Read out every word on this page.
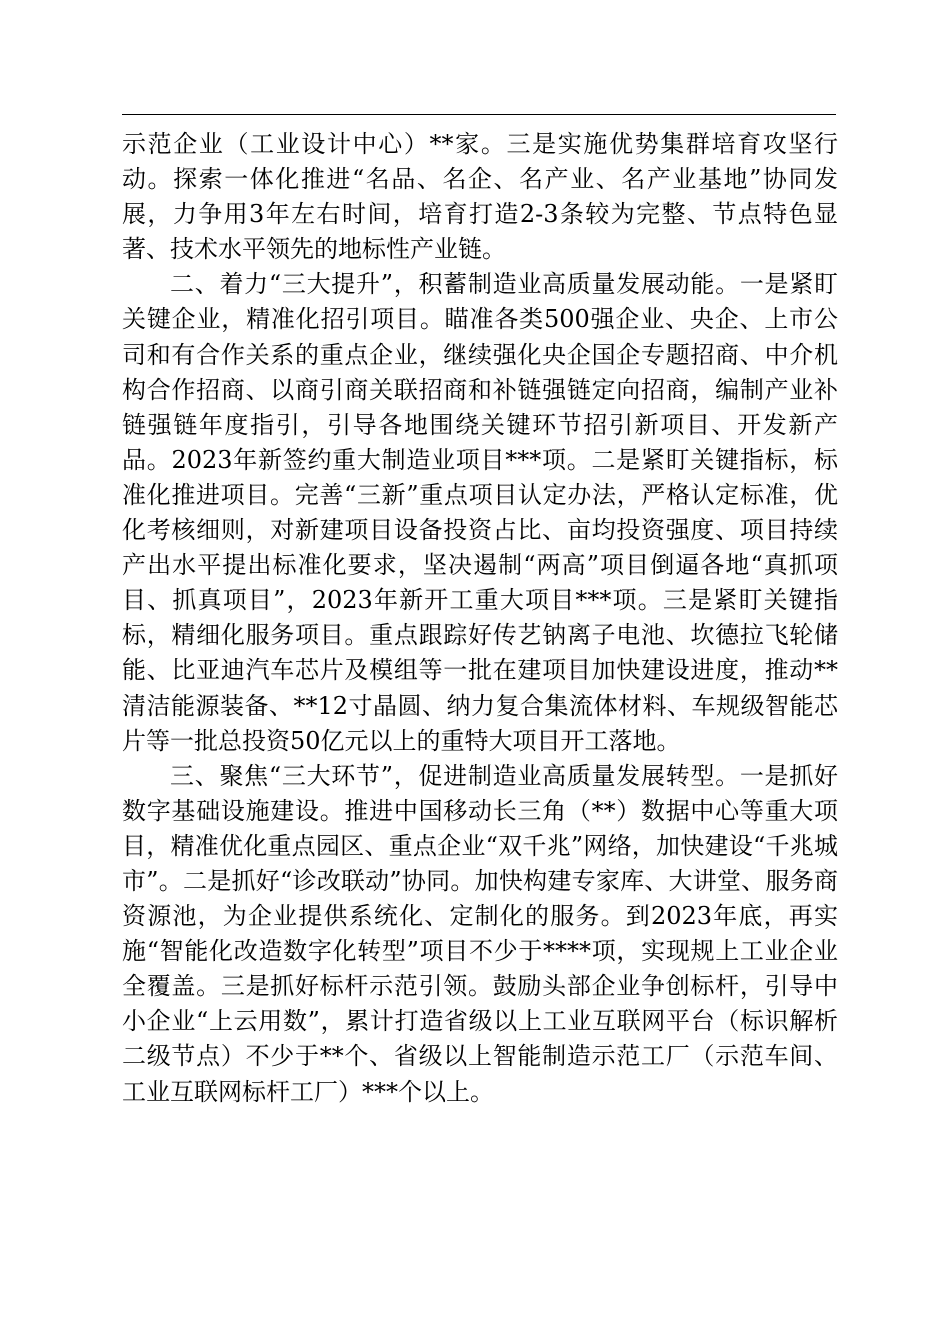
示范企业（工业设计中心）**家。三是实施优势集群培育攻坚行动。探索一体化推进“名品、名企、名产业、名产业基地”协同发展，力争用3年左右时间，培育打造2-3条较为完整、节点特色显著、技术水平领先的地标性产业链。

二、着力“三大提升”，积蓄制造业高质量发展动能。一是紧盯关键企业，精准化招引项目。瞄准各类500强企业、央企、上市公司和有合作关系的重点企业，继续强化央企国企专题招商、中介机构合作招商、以商引商关联招商和补链强链定向招商，编制产业补链强链年度指引，引导各地围绕关键环节招引新项目、开发新产品。2023年新签约重大制造业项目***项。二是紧盯关键指标，标准化推进项目。完善“三新”重点项目认定办法，严格认定标准，优化考核细则，对新建项目设备投资占比、亩均投资强度、项目持续产出水平提出标准化要求，坚决遏制“两高”项目倒逼各地“真抓项目、抓真项目”，2023年新开工重大项目***项。三是紧盯关键指标，精细化服务项目。重点跟踪好传艺钠离子电池、坎德拉飞轮储能、比亚迪汽车芯片及模组等一批在建项目加快建设进度，推动**清洁能源装备、**12寸晶圆、纳力复合集流体材料、车规级智能芯片等一批总投资50亿元以上的重特大项目开工落地。

三、聚焦“三大环节”，促进制造业高质量发展转型。一是抓好数字基础设施建设。推进中国移动长三角（**）数据中心等重大项目，精准优化重点园区、重点企业“双千兆”网络，加快建设“千兆城市”。二是抓好“诊改联动”协同。加快构建专家库、大讲堂、服务商资源池，为企业提供系统化、定制化的服务。到2023年底，再实施“智能化改造数字化转型”项目不少于****项，实现规上工业企业全覆盖。三是抓好标杆示范引领。鼓励头部企业争创标杆，引导中小企业“上云用数”，累计打造省级以上工业互联网平台（标识解析二级节点）不少于**个、省级以上智能制造示范工厂（示范车间、工业互联网标杆工厂）***个以上。
